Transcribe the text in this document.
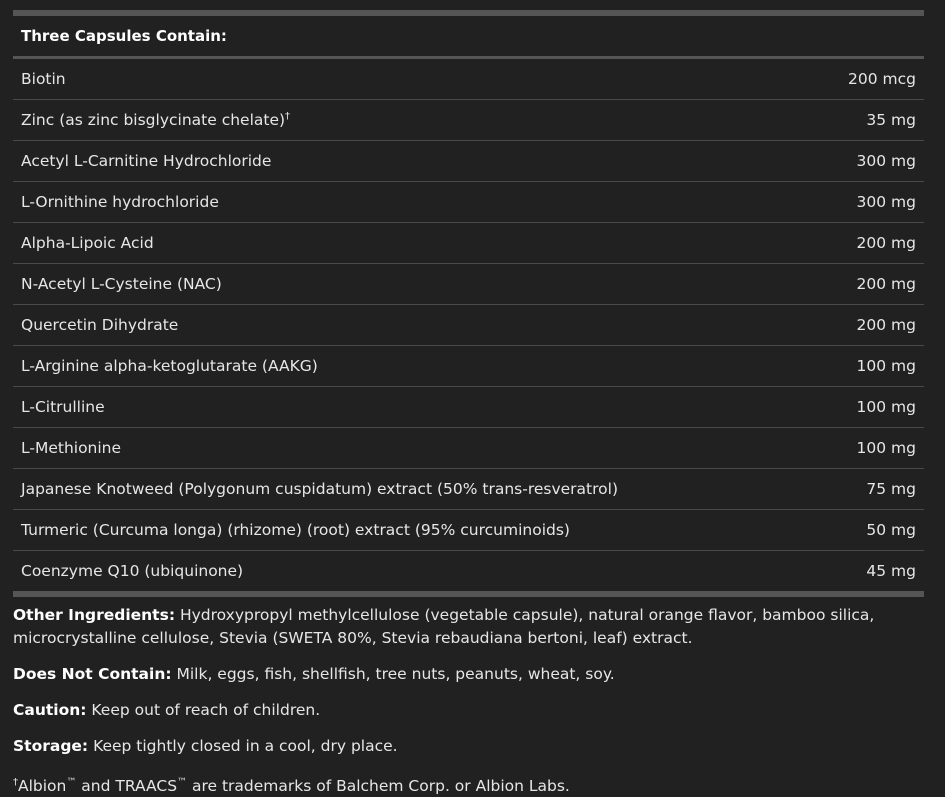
Three Capsules Contain:
Biotin	200 mcg
Zinc (as zinc bisglycinate chelate)†	35 mg
Acetyl L-Carnitine Hydrochloride	300 mg
L-Ornithine hydrochloride	300 mg
Alpha-Lipoic Acid	200 mg
N-Acetyl L-Cysteine (NAC)	200 mg
Quercetin Dihydrate	200 mg
L-Arginine alpha-ketoglutarate (AAKG)	100 mg
L-Citrulline	100 mg
L-Methionine	100 mg
Japanese Knotweed (Polygonum cuspidatum) extract (50% trans-resveratrol)	75 mg
Turmeric (Curcuma longa) (rhizome) (root) extract (95% curcuminoids)	50 mg
Coenzyme Q10 (ubiquinone)	45 mg

Other Ingredients: Hydroxypropyl methylcellulose (vegetable capsule), natural orange flavor, bamboo silica, microcrystalline cellulose, Stevia (SWETA 80%, Stevia rebaudiana bertoni, leaf) extract.

Does Not Contain: Milk, eggs, fish, shellfish, tree nuts, peanuts, wheat, soy.

Caution: Keep out of reach of children.

Storage: Keep tightly closed in a cool, dry place.

†Albion™ and TRAACS™ are trademarks of Balchem Corp. or Albion Labs.
